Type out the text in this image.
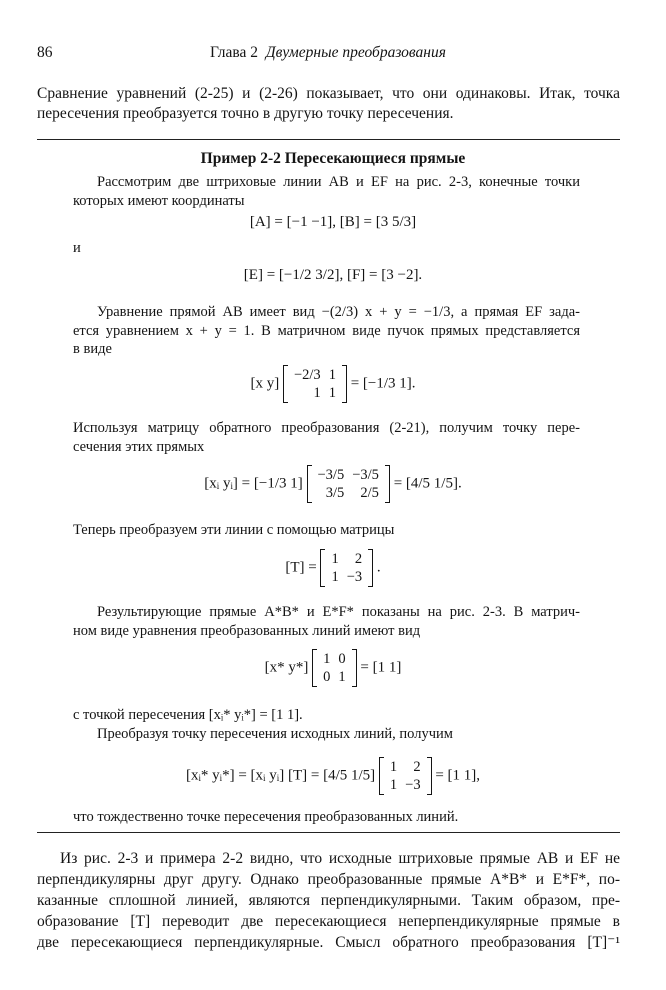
86	Глава 2 Двумерные преобразования
Сравнение уравнений (2-25) и (2-26) показывает, что они одинаковы. Итак, точка
пересечения преобразуется точно в другую точку пересечения.
Пример 2-2 Пересекающиеся прямые
Рассмотрим две штриховые линии AB и EF на рис. 2-3, конечные точки
которых имеют координаты
[A] = [−1 −1], [B] = [3 5/3]
и
[E] = [−1/2 3/2], [F] = [3 −2].
Уравнение прямой AB имеет вид −(2/3) x + y = −1/3, а прямая EF зада-
ется уравнением x + y = 1. В матричном виде пучок прямых представляется
в виде
[x y]
−2/3	1
1	1
= [−1/3 1].
Используя матрицу обратного преобразования (2-21), получим точку пере-
сечения этих прямых
[xᵢ yᵢ] = [−1/3 1]
−3/5	−3/5
3/5	2/5
= [4/5 1/5].
Теперь преобразуем эти линии с помощью матрицы
[T] =
1	2
1	−3
.
Результирующие прямые A*B* и E*F* показаны на рис. 2-3. В матрич-
ном виде уравнения преобразованных линий имеют вид
[x* y*]
1	0
0	1
= [1 1]
с точкой пересечения [xᵢ* yᵢ*] = [1 1].
Преобразуя точку пересечения исходных линий, получим
[xᵢ* yᵢ*] = [xᵢ yᵢ] [T] = [4/5 1/5]
1	2
1	−3
= [1 1],
что тождественно точке пересечения преобразованных линий.
Из рис. 2-3 и примера 2-2 видно, что исходные штриховые прямые AB и EF не
перпендикулярны друг другу. Однако преобразованные прямые A*B* и E*F*, по-
казанные сплошной линией, являются перпендикулярными. Таким образом, пре-
образование [T] переводит две пересекающиеся неперпендикулярные прямые в
две пересекающиеся перпендикулярные. Смысл обратного преобразования [T]⁻¹
